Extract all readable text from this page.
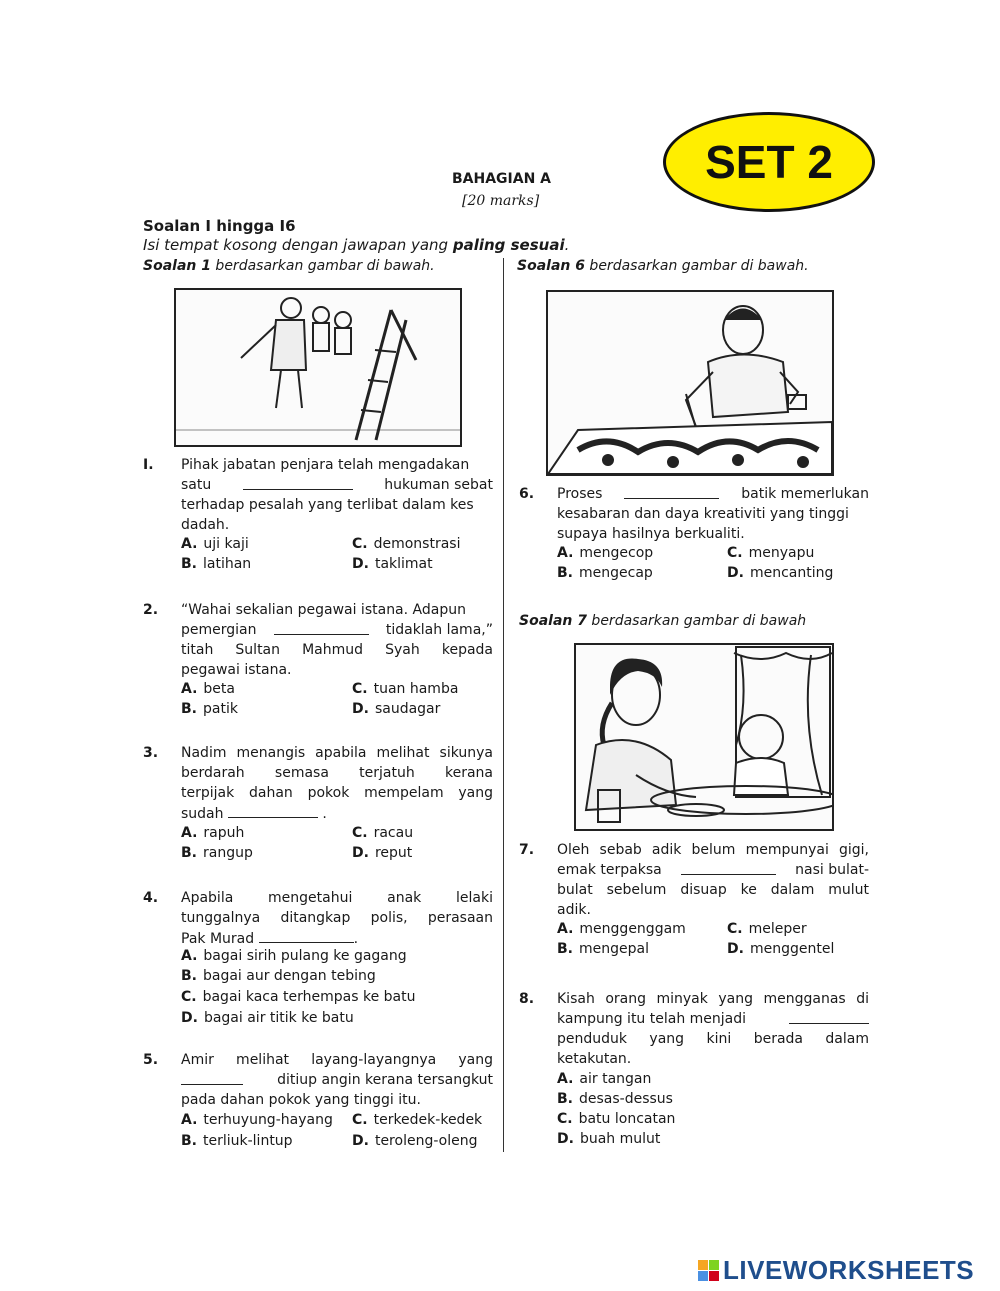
SET 2
BAHAGIAN A
[20 marks]
Soalan I hingga I6
Isi tempat kosong dengan jawapan yang paling sesuai.
Soalan 1 berdasarkan gambar di bawah.	Soalan 6 berdasarkan gambar di bawah.
I. Pihak jabatan penjara telah mengadakan
satu	hukuman sebat
terhadap pesalah yang terlibat dalam kes
dadah.
A. uji kaji	C. demonstrasi
B. latihan	D. taklimat
2. “Wahai sekalian pegawai istana. Adapun
pemergian	tidaklah lama,”
titah Sultan Mahmud Syah kepada
pegawai istana.
A. beta	C. tuan hamba
B. patik	D. saudagar
3. Nadim menangis apabila melihat sikunya
berdarah semasa terjatuh kerana
terpijak dahan pokok mempelam yang
sudah	.
A. rapuh	C. racau
B. rangup	D. reput
4. Apabila mengetahui anak lelaki
tunggalnya ditangkap polis, perasaan
Pak Murad	.
A. bagai sirih pulang ke gagang
B. bagai aur dengan tebing
C. bagai kaca terhempas ke batu
D. bagai air titik ke batu
5. Amir melihat layang-layangnya yang
ditiup angin kerana tersangkut
pada dahan pokok yang tinggi itu.
A. terhuyung-hayang C. terkedek-kedek
B. terliuk-lintup	D. teroleng-oleng
6. Proses	batik memerlukan
kesabaran dan daya kreativiti yang tinggi
supaya hasilnya berkualiti.
A. mengecop	C. menyapu
B. mengecap	D. mencanting
Soalan 7 berdasarkan gambar di bawah
7. Oleh sebab adik belum mempunyai gigi,
emak terpaksa	nasi bulat-
bulat sebelum disuap ke dalam mulut
adik.
A. menggenggam	C. meleper
B. mengepal	D. menggentel
8. Kisah orang minyak yang mengganas di
kampung itu telah menjadi
penduduk yang kini berada dalam
ketakutan.
A. air tangan
B. desas-dessus
C. batu loncatan
D. buah mulut
LIVEWORKSHEETS
